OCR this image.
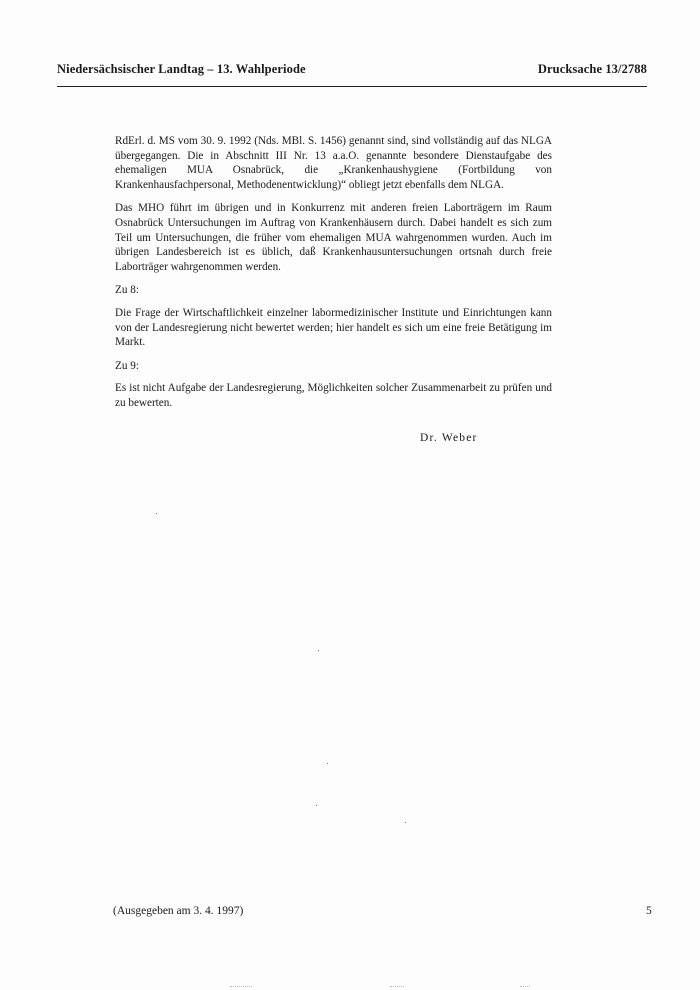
Niedersächsischer Landtag – 13. Wahlperiode	Drucksache 13/2788

RdErl. d. MS vom 30. 9. 1992 (Nds. MBl. S. 1456) genannt sind, sind vollständig auf das NLGA übergegangen. Die in Abschnitt III Nr. 13 a.a.O. genannte besondere Dienstaufgabe des ehemaligen MUA Osnabrück, die „Krankenhaushygiene (Fortbildung von Krankenhausfachpersonal, Methodenentwicklung)“ obliegt jetzt ebenfalls dem NLGA.

Das MHO führt im übrigen und in Konkurrenz mit anderen freien Laborträgern im Raum Osnabrück Untersuchungen im Auftrag von Krankenhäusern durch. Dabei handelt es sich zum Teil um Untersuchungen, die früher vom ehemaligen MUA wahrgenommen wurden. Auch im übrigen Landesbereich ist es üblich, daß Krankenhausuntersuchungen ortsnah durch freie Laborträger wahrgenommen werden.

Zu 8:

Die Frage der Wirtschaftlichkeit einzelner labormedizinischer Institute und Einrichtungen kann von der Landesregierung nicht bewertet werden; hier handelt es sich um eine freie Betätigung im Markt.

Zu 9:

Es ist nicht Aufgabe der Landesregierung, Möglichkeiten solcher Zusammenarbeit zu prüfen und zu bewerten.

Dr. Weber
(Ausgegeben am 3. 4. 1997)	5
